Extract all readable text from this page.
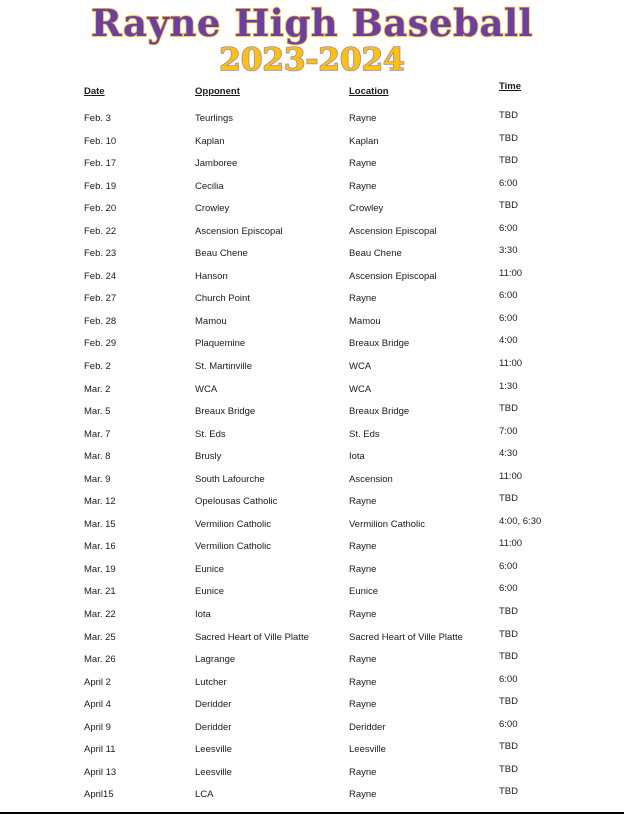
Rayne High Baseball
2023-2024
Date	Opponent	Location	Time
Feb. 3	Teurlings	Rayne	TBD
Feb. 10	Kaplan	Kaplan	TBD
Feb. 17	Jamboree	Rayne	TBD
Feb. 19	Cecilia	Rayne	6:00
Feb. 20	Crowley	Crowley	TBD
Feb. 22	Ascension Episcopal	Ascension Episcopal	6:00
Feb. 23	Beau Chene	Beau Chene	3:30
Feb. 24	Hanson	Ascension Episcopal	11:00
Feb. 27	Church Point	Rayne	6:00
Feb. 28	Mamou	Mamou	6:00
Feb. 29	Plaquemine	Breaux Bridge	4:00
Feb. 2	St. Martinville	WCA	11:00
Mar. 2	WCA	WCA	1:30
Mar. 5	Breaux Bridge	Breaux Bridge	TBD
Mar. 7	St. Eds	St. Eds	7:00
Mar. 8	Brusly	Iota	4:30
Mar. 9	South Lafourche	Ascension	11:00
Mar. 12	Opelousas Catholic	Rayne	TBD
Mar. 15	Vermilion Catholic	Vermilion Catholic	4:00, 6:30
Mar. 16	Vermilion Catholic	Rayne	11:00
Mar. 19	Eunice	Rayne	6:00
Mar. 21	Eunice	Eunice	6:00
Mar. 22	Iota	Rayne	TBD
Mar. 25	Sacred Heart of Ville Platte	Sacred Heart of Ville Platte	TBD
Mar. 26	Lagrange	Rayne	TBD
April 2	Lutcher	Rayne	6:00
April 4	Deridder	Rayne	TBD
April 9	Deridder	Deridder	6:00
April 11	Leesville	Leesville	TBD
April 13	Leesville	Rayne	TBD
April15	LCA	Rayne	TBD
